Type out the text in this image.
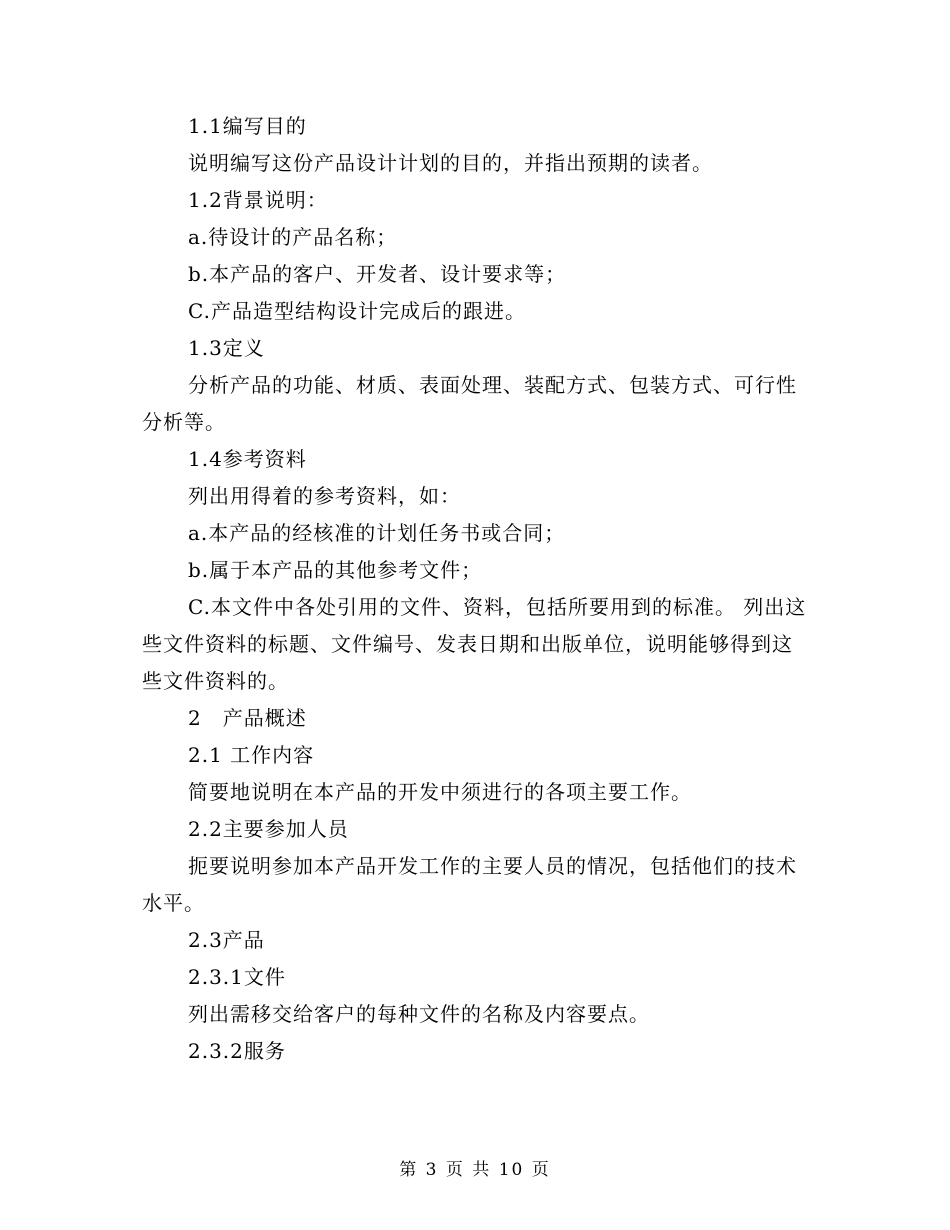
1.1编写目的

说明编写这份产品设计计划的目的，并指出预期的读者。

1.2背景说明：

a.待设计的产品名称；

b.本产品的客户、开发者、设计要求等；

C.产品造型结构设计完成后的跟进。

1.3定义

分析产品的功能、材质、表面处理、装配方式、包装方式、可行性分析等。

1.4参考资料

列出用得着的参考资料，如：

a.本产品的经核准的计划任务书或合同；

b.属于本产品的其他参考文件；

C.本文件中各处引用的文件、资料，包括所要用到的标准。 列出这些文件资料的标题、文件编号、发表日期和出版单位，说明能够得到这些文件资料的。

2　产品概述

2.1 工作内容

简要地说明在本产品的开发中须进行的各项主要工作。

2.2主要参加人员

扼要说明参加本产品开发工作的主要人员的情况，包括他们的技术水平。

2.3产品

2.3.1文件

列出需移交给客户的每种文件的名称及内容要点。

2.3.2服务

第 3 页 共 10 页
